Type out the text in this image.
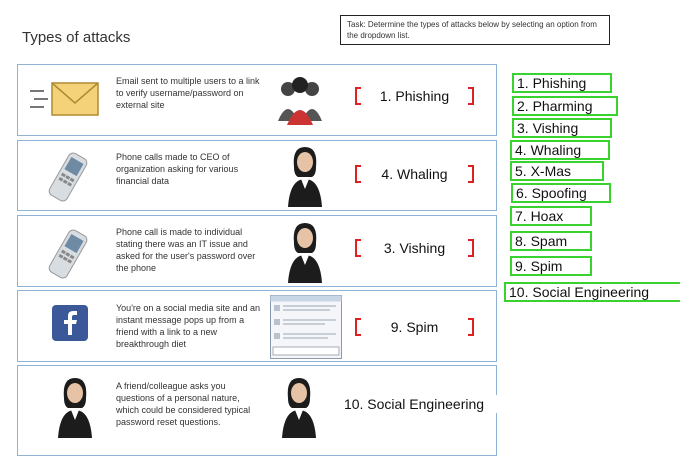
Types of attacks
Task: Determine the types of attacks below by selecting an option from the dropdown list.
Email sent to multiple users to a link to verify username/password on external site
Phone calls made to CEO of organization asking for various financial data
Phone call is made to individual stating there was an IT issue and asked for the user's password over the phone
You're on a social media site and an instant message pops up from a friend with a link to a new breakthrough diet
A friend/colleague asks you questions of a personal nature, which could be considered typical password reset questions.
1. Phishing
4. Whaling
3. Vishing
9. Spim
10. Social Engineering
1. Phishing
2. Pharming
3. Vishing
4. Whaling
5. X-Mas
6. Spoofing
7. Hoax
8. Spam
9. Spim
10. Social Engineering
